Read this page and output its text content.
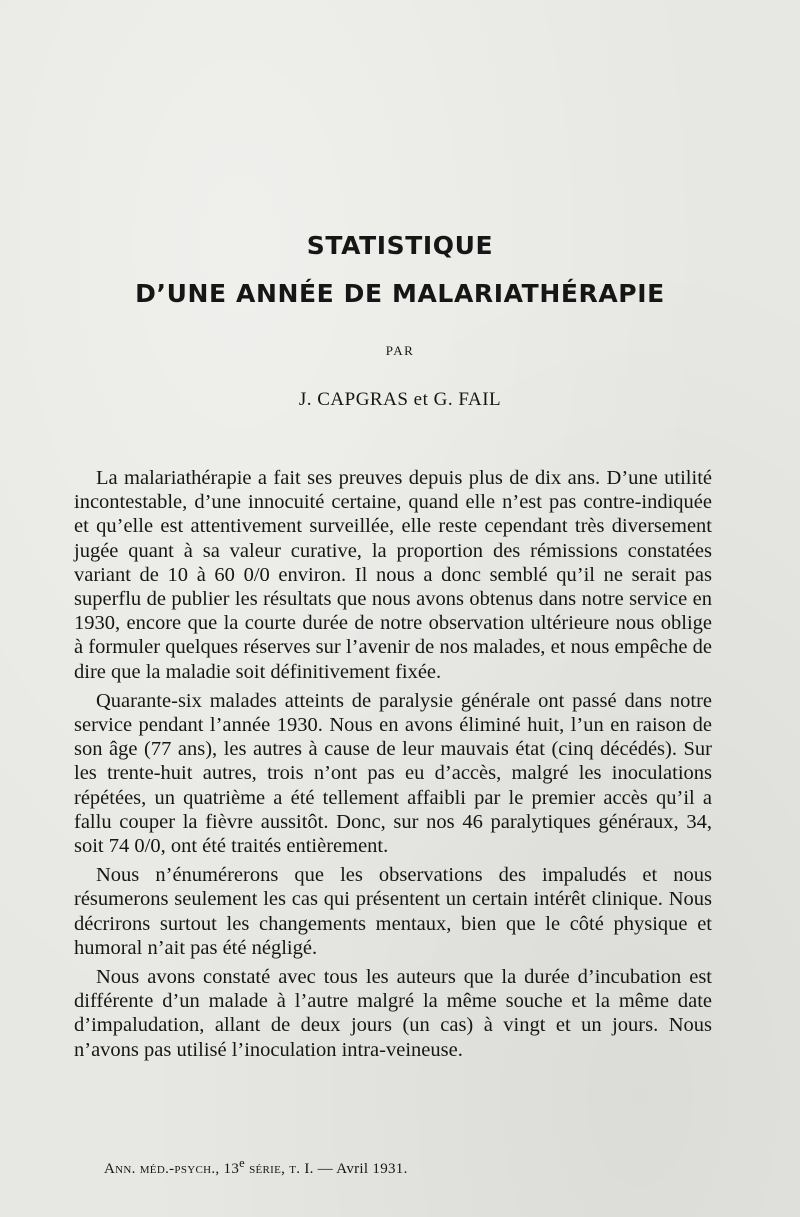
STATISTIQUE
D’UNE ANNÉE DE MALARIATHÉRAPIE
PAR
J. CAPGRAS et G. FAIL

La malariathérapie a fait ses preuves depuis plus de dix ans. D’une utilité incontestable, d’une innocuité certaine, quand elle n’est pas contre-indiquée et qu’elle est attentivement surveillée, elle reste cependant très diversement jugée quant à sa valeur curative, la proportion des rémissions constatées variant de 10 à 60 0/0 environ. Il nous a donc semblé qu’il ne serait pas superflu de publier les résultats que nous avons obtenus dans notre service en 1930, encore que la courte durée de notre observation ultérieure nous oblige à formuler quelques réserves sur l’avenir de nos malades, et nous empêche de dire que la maladie soit définitivement fixée.

Quarante-six malades atteints de paralysie générale ont passé dans notre service pendant l’année 1930. Nous en avons éliminé huit, l’un en raison de son âge (77 ans), les autres à cause de leur mauvais état (cinq décédés). Sur les trente-huit autres, trois n’ont pas eu d’accès, malgré les inoculations répétées, un quatrième a été tellement affaibli par le premier accès qu’il a fallu couper la fièvre aussitôt. Donc, sur nos 46 paralytiques généraux, 34, soit 74 0/0, ont été traités entièrement.

Nous n’énumérerons que les observations des impaludés et nous résumerons seulement les cas qui présentent un certain intérêt clinique. Nous décrirons surtout les changements mentaux, bien que le côté physique et humoral n’ait pas été négligé.

Nous avons constaté avec tous les auteurs que la durée d’incubation est différente d’un malade à l’autre malgré la même souche et la même date d’impaludation, allant de deux jours (un cas) à vingt et un jours. Nous n’avons pas utilisé l’inoculation intra-veineuse.

Ann. méd.-psych., 13e série, t. I. — Avril 1931.
